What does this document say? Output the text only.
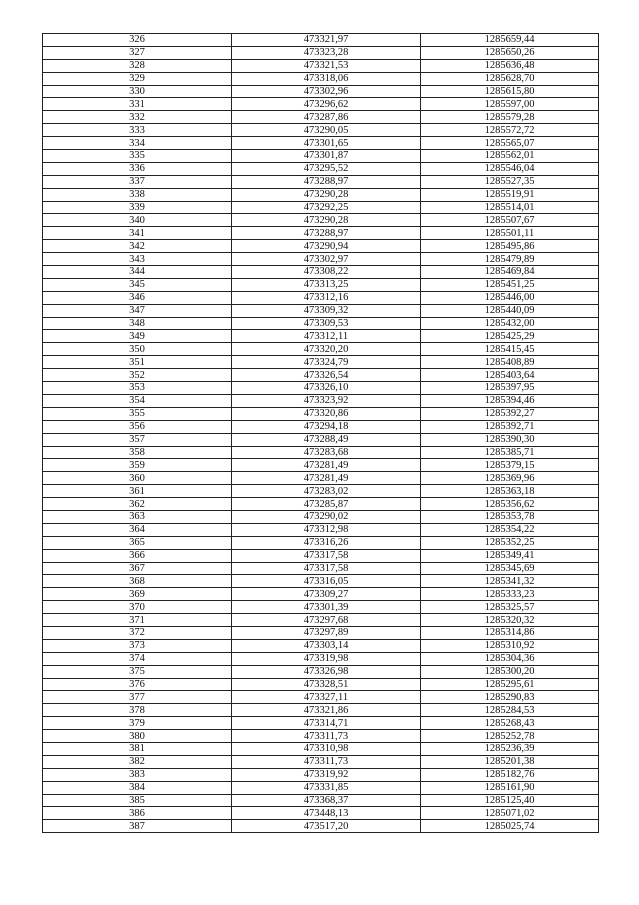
326	473321,97	1285659,44
327	473323,28	1285650,26
328	473321,53	1285636,48
329	473318,06	1285628,70
330	473302,96	1285615,80
331	473296,62	1285597,00
332	473287,86	1285579,28
333	473290,05	1285572,72
334	473301,65	1285565,07
335	473301,87	1285562,01
336	473295,52	1285546,04
337	473288,97	1285527,35
338	473290,28	1285519,91
339	473292,25	1285514,01
340	473290,28	1285507,67
341	473288,97	1285501,11
342	473290,94	1285495,86
343	473302,97	1285479,89
344	473308,22	1285469,84
345	473313,25	1285451,25
346	473312,16	1285446,00
347	473309,32	1285440,09
348	473309,53	1285432,00
349	473312,11	1285425,29
350	473320,20	1285415,45
351	473324,79	1285408,89
352	473326,54	1285403,64
353	473326,10	1285397,95
354	473323,92	1285394,46
355	473320,86	1285392,27
356	473294,18	1285392,71
357	473288,49	1285390,30
358	473283,68	1285385,71
359	473281,49	1285379,15
360	473281,49	1285369,96
361	473283,02	1285363,18
362	473285,87	1285356,62
363	473290,02	1285353,78
364	473312,98	1285354,22
365	473316,26	1285352,25
366	473317,58	1285349,41
367	473317,58	1285345,69
368	473316,05	1285341,32
369	473309,27	1285333,23
370	473301,39	1285325,57
371	473297,68	1285320,32
372	473297,89	1285314,86
373	473303,14	1285310,92
374	473319,98	1285304,36
375	473326,98	1285300,20
376	473328,51	1285295,61
377	473327,11	1285290,83
378	473321,86	1285284,53
379	473314,71	1285268,43
380	473311,73	1285252,78
381	473310,98	1285236,39
382	473311,73	1285201,38
383	473319,92	1285182,76
384	473331,85	1285161,90
385	473368,37	1285125,40
386	473448,13	1285071,02
387	473517,20	1285025,74
